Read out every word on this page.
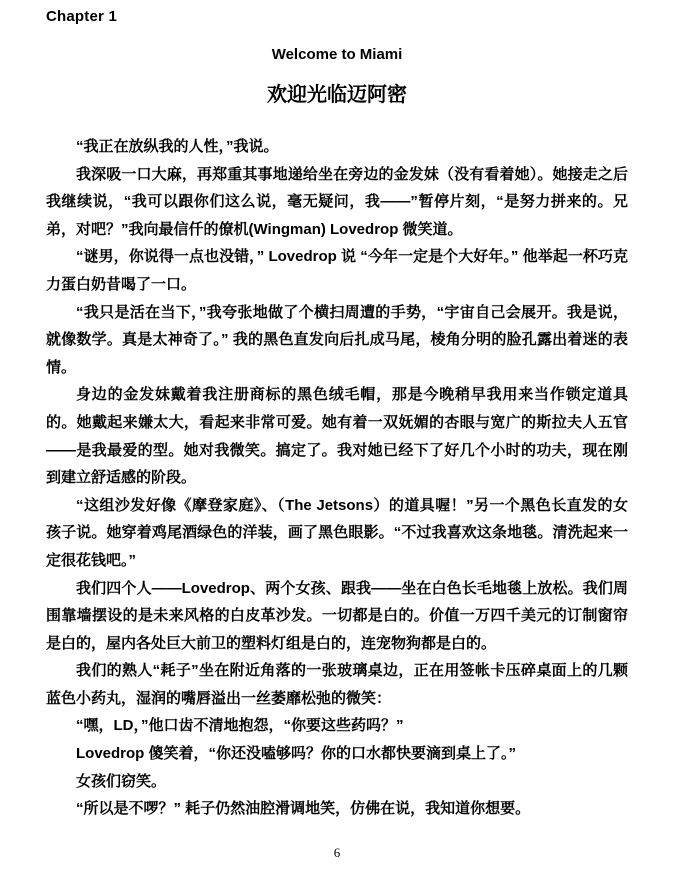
Chapter 1
Welcome to Miami
欢迎光临迈阿密

“我正在放纵我的人性，”我说。

我深吸一口大麻，再郑重其事地递给坐在旁边的金发妹（没有看着她）。她接走之后我继续说，“我可以跟你们这么说，毫无疑问，我——”暂停片刻，“是努力拼来的。兄弟，对吧？”我向最信仟的僚机(Wingman) Lovedrop 微笑道。

“谜男，你说得一点也没错，” Lovedrop 说 “今年一定是个大好年。” 他举起一杯巧克力蛋白奶昔喝了一口。

“我只是活在当下，”我夸张地做了个横扫周遭的手势，“宇宙自己会展开。我是说，就像数学。真是太神奇了。” 我的黑色直发向后扎成马尾，棱角分明的脸孔露出着迷的表情。

身边的金发妹戴着我注册商标的黑色绒毛帽，那是今晚稍早我用来当作锁定道具的。她戴起来嫌太大，看起来非常可爱。她有着一双妩媚的杏眼与宽广的斯拉夫人五官——是我最爱的型。她对我微笑。搞定了。我对她已经下了好几个小时的功夫，现在刚到建立舒适感的阶段。

“这组沙发好像《摩登家庭》、（The Jetsons）的道具喔！”另一个黑色长直发的女孩子说。她穿着鸡尾酒绿色的洋装，画了黑色眼影。“不过我喜欢这条地毯。清洗起来一定很花钱吧。”

我们四个人——Lovedrop、两个女孩、跟我——坐在白色长毛地毯上放松。我们周围靠墙摆设的是未来风格的白皮革沙发。一切都是白的。价值一万四千美元的订制窗帘是白的，屋内各处巨大前卫的塑料灯组是白的，连宠物狗都是白的。

我们的熟人“耗子”坐在附近角落的一张玻璃桌边，正在用签帐卡压碎桌面上的几颗蓝色小药丸，湿润的嘴唇溢出一丝萎靡松弛的微笑：

“嘿，LD，”他口齿不清地抱怨，“你要这些药吗？”

Lovedrop 傻笑着，“你还没嗑够吗？你的口水都快要滴到桌上了。”

女孩们窃笑。

“所以是不啰？” 耗子仍然油腔滑调地笑，仿佛在说，我知道你想要。

6
